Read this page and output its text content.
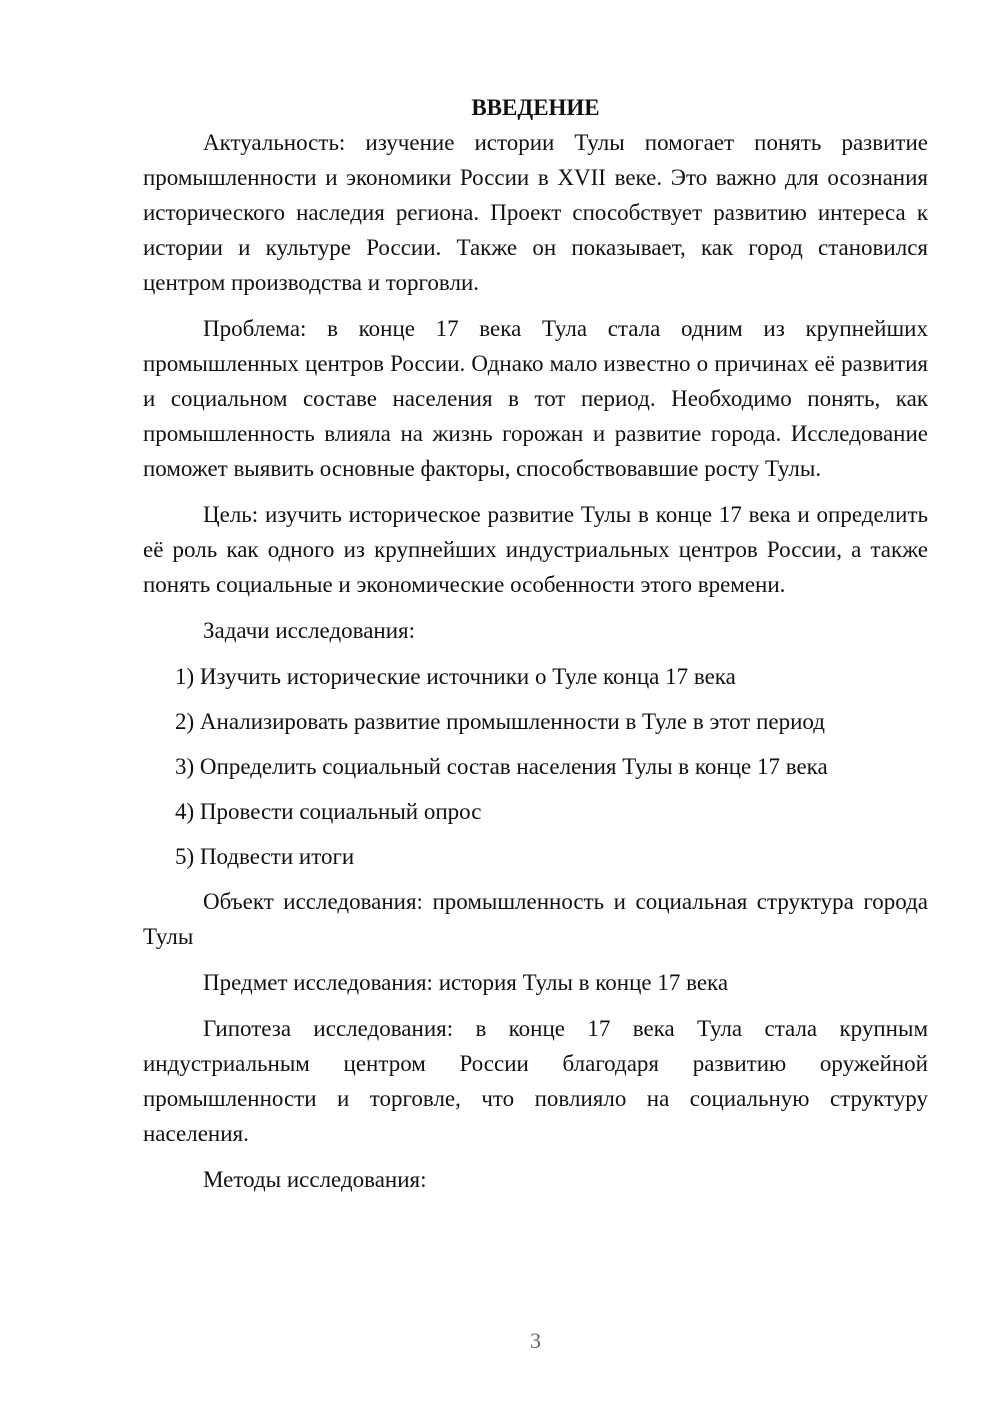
ВВЕДЕНИЕ
Актуальность: изучение истории Тулы помогает понять развитие промышленности и экономики России в XVII веке. Это важно для осознания исторического наследия региона. Проект способствует развитию интереса к истории и культуре России. Также он показывает, как город становился центром производства и торговли.
Проблема: в конце 17 века Тула стала одним из крупнейших промышленных центров России. Однако мало известно о причинах её развития и социальном составе населения в тот период. Необходимо понять, как промышленность влияла на жизнь горожан и развитие города. Исследование поможет выявить основные факторы, способствовавшие росту Тулы.
Цель: изучить историческое развитие Тулы в конце 17 века и определить её роль как одного из крупнейших индустриальных центров России, а также понять социальные и экономические особенности этого времени.
Задачи исследования:
1) Изучить исторические источники о Туле конца 17 века
2) Анализировать развитие промышленности в Туле в этот период
3) Определить социальный состав населения Тулы в конце 17 века
4) Провести социальный опрос
5) Подвести итоги
Объект исследования: промышленность и социальная структура города Тулы
Предмет исследования: история Тулы в конце 17 века
Гипотеза исследования: в конце 17 века Тула стала крупным индустриальным центром России благодаря развитию оружейной промышленности и торговле, что повлияло на социальную структуру населения.
Методы исследования:
3
